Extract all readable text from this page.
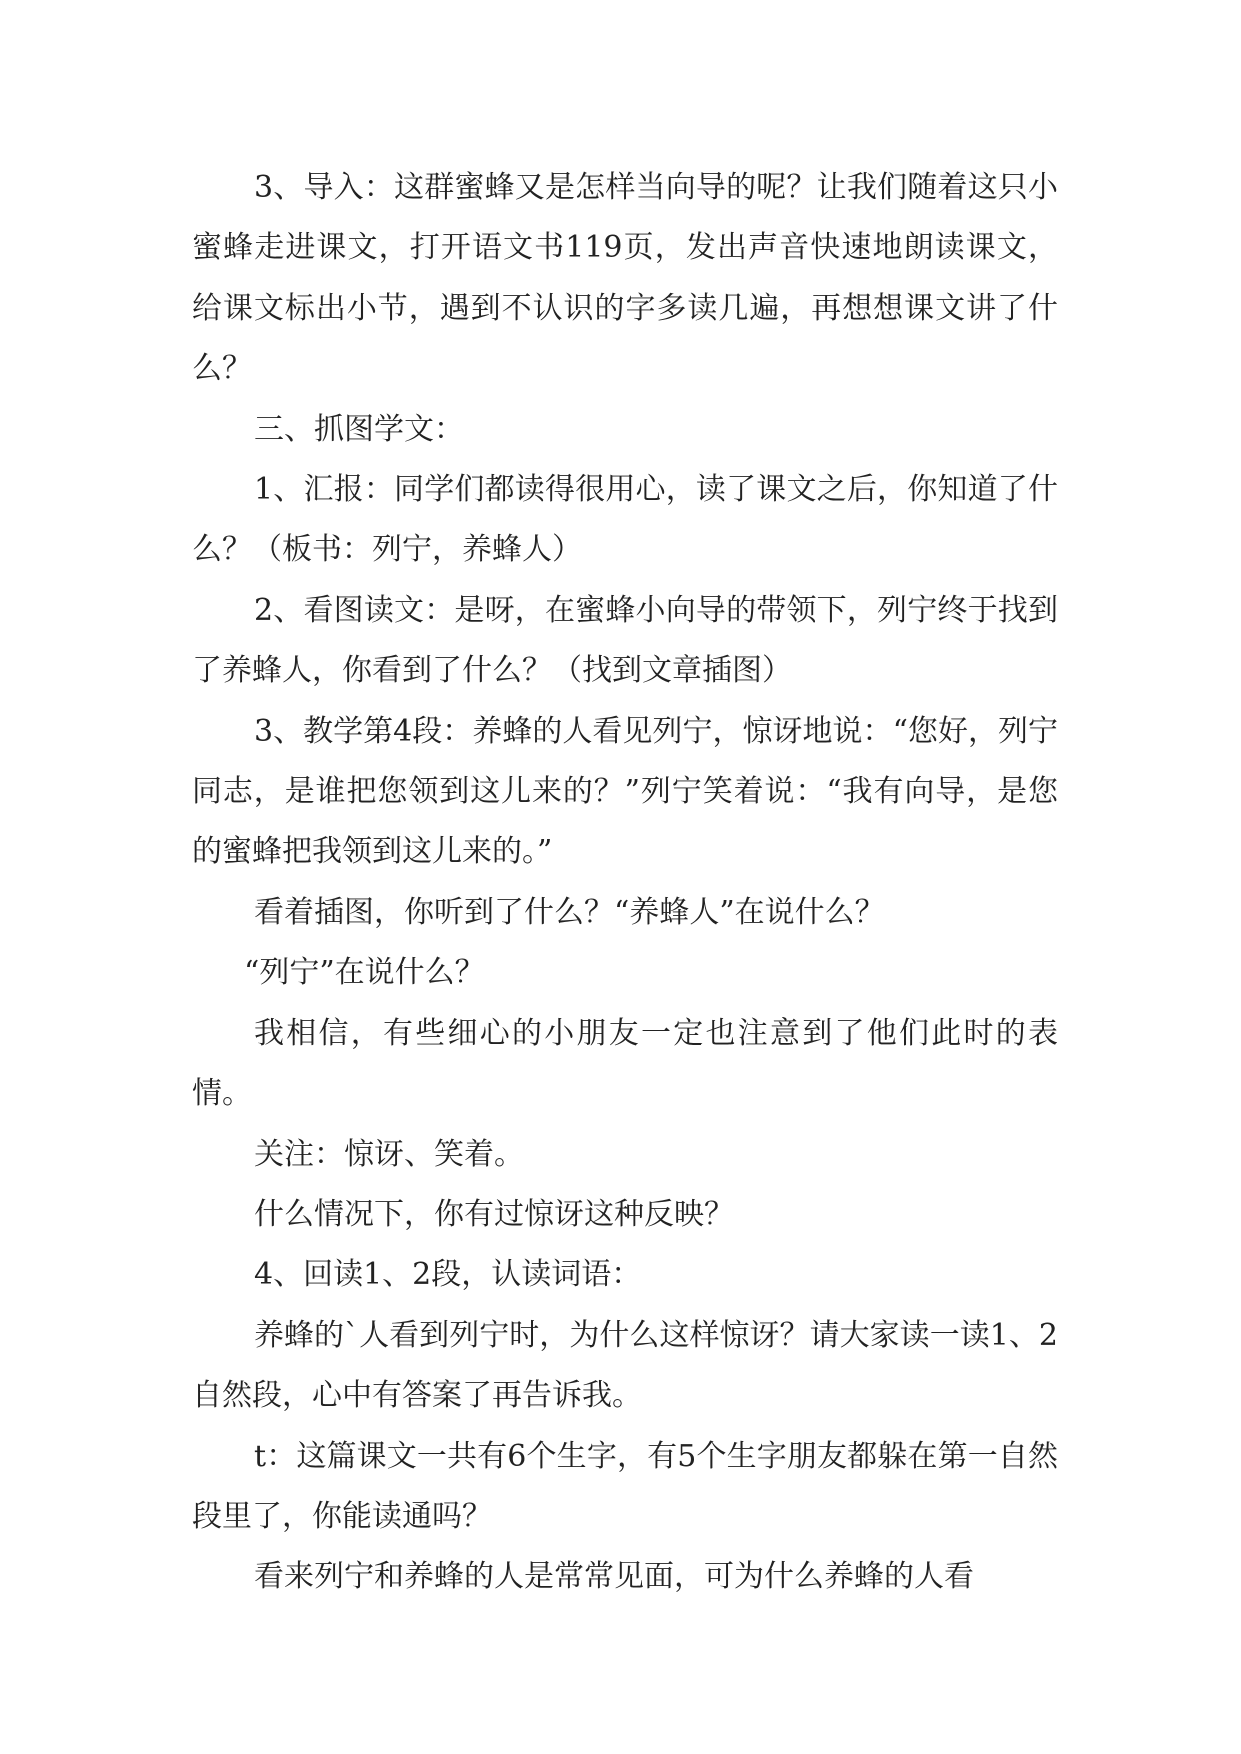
3、导入：这群蜜蜂又是怎样当向导的呢？让我们随着这只小蜜蜂走进课文，打开语文书119页，发出声音快速地朗读课文，给课文标出小节，遇到不认识的字多读几遍，再想想课文讲了什么？

三、抓图学文：

1、汇报：同学们都读得很用心，读了课文之后，你知道了什么？（板书：列宁，养蜂人）

2、看图读文：是呀，在蜜蜂小向导的带领下，列宁终于找到了养蜂人，你看到了什么？（找到文章插图）

3、教学第4段：养蜂的人看见列宁，惊讶地说：“您好，列宁同志，是谁把您领到这儿来的？”列宁笑着说：“我有向导，是您的蜜蜂把我领到这儿来的。”

看着插图，你听到了什么？“养蜂人”在说什么？

“列宁”在说什么？

我相信，有些细心的小朋友一定也注意到了他们此时的表情。

关注：惊讶、笑着。

什么情况下，你有过惊讶这种反映？

4、回读1、2段，认读词语：

养蜂的`人看到列宁时，为什么这样惊讶？请大家读一读1、2自然段，心中有答案了再告诉我。

t：这篇课文一共有6个生字，有5个生字朋友都躲在第一自然段里了，你能读通吗？

看来列宁和养蜂的人是常常见面，可为什么养蜂的人看
